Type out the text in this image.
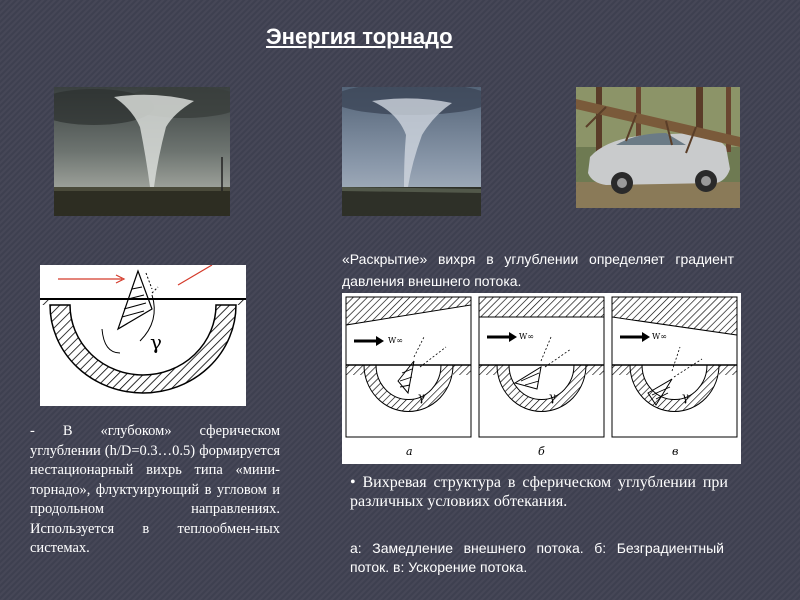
Энергия торнадо
γ
«Раскрытие» вихря в углублении определяет градиент давления внешнего потока.
W∞
γ
W∞
γ
W∞
γ
а	б	в
- В «глубоком» сферическом углублении (h/D=0.3…0.5) формируется нестационарный вихрь типа «мини-торнадо», флуктуирующий в угловом и продольном направлениях. Используется в теплообмен-ных системах.
• Вихревая структура в сферическом углублении при различных условиях обтекания.
а: Замедление внешнего потока. б: Безградиентный поток. в: Ускорение потока.
